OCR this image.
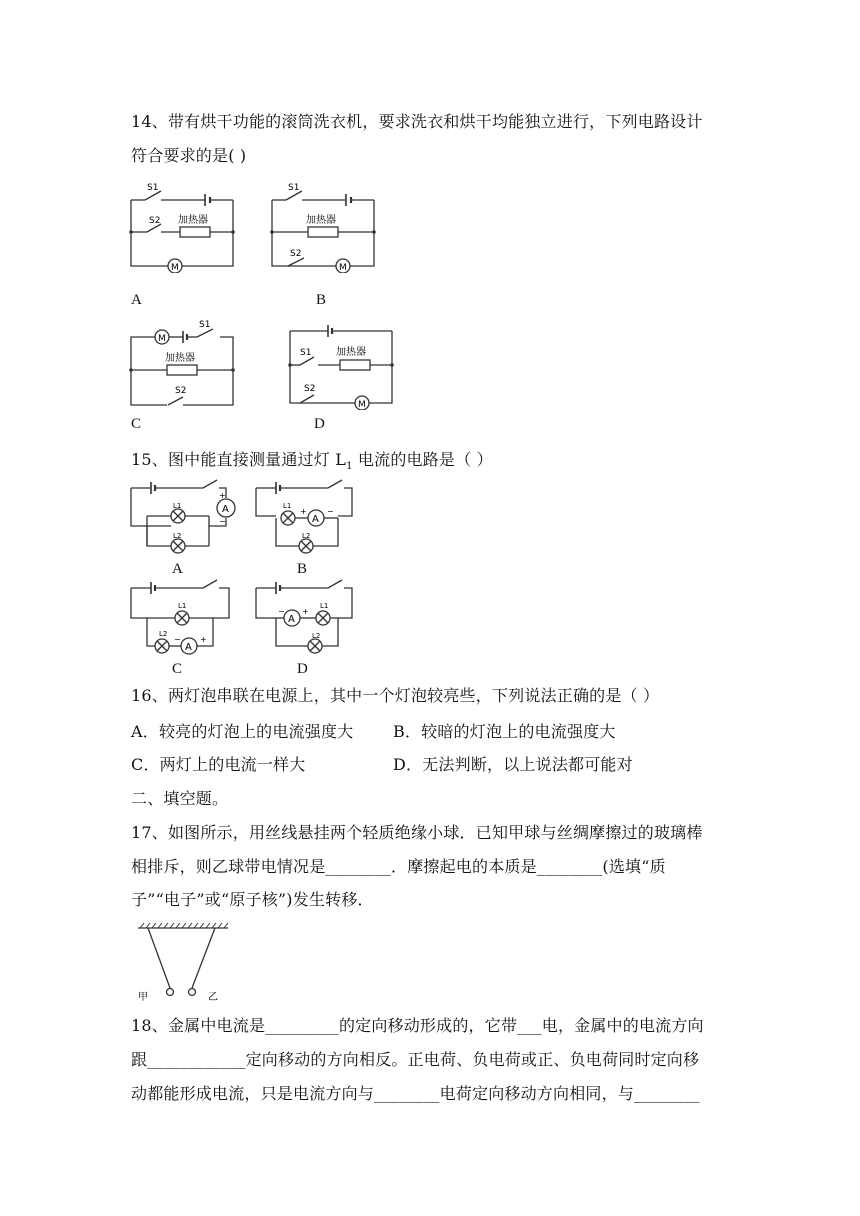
14、带有烘干功能的滚筒洗衣机，要求洗衣和烘干均能独立进行，下列电路设计
符合要求的是( )
S1
S2 加热器
M
A
S1
S2
加热器
M
B
M
S1
加热器
S2
C
S1 加热器
S2
M
D
15、图中能直接测量通过灯 $L_1$ 电流的电路是（ ）
A
+
−
L1
L2
A
A
+	−
L1
L2
B
A
− +
L1
L2
C
A
− +
L1
L2
D
16、两灯泡串联在电源上，其中一个灯泡较亮些，下列说法正确的是（ ）
A．较亮的灯泡上的电流强度大 B．较暗的灯泡上的电流强度大
C．两灯上的电流一样大	D．无法判断，以上说法都可能对
二、填空题。
17、如图所示，用丝线悬挂两个轻质绝缘小球．已知甲球与丝绸摩擦过的玻璃棒
相排斥，则乙球带电情况是________．摩擦起电的本质是________(选填“质
子”“电子”或“原子核”)发生转移．
甲	乙
18、金属中电流是_________的定向移动形成的，它带___电，金属中的电流方向
跟____________定向移动的方向相反。正电荷、负电荷或正、负电荷同时定向移
动都能形成电流，只是电流方向与________电荷定向移动方向相同，与________
